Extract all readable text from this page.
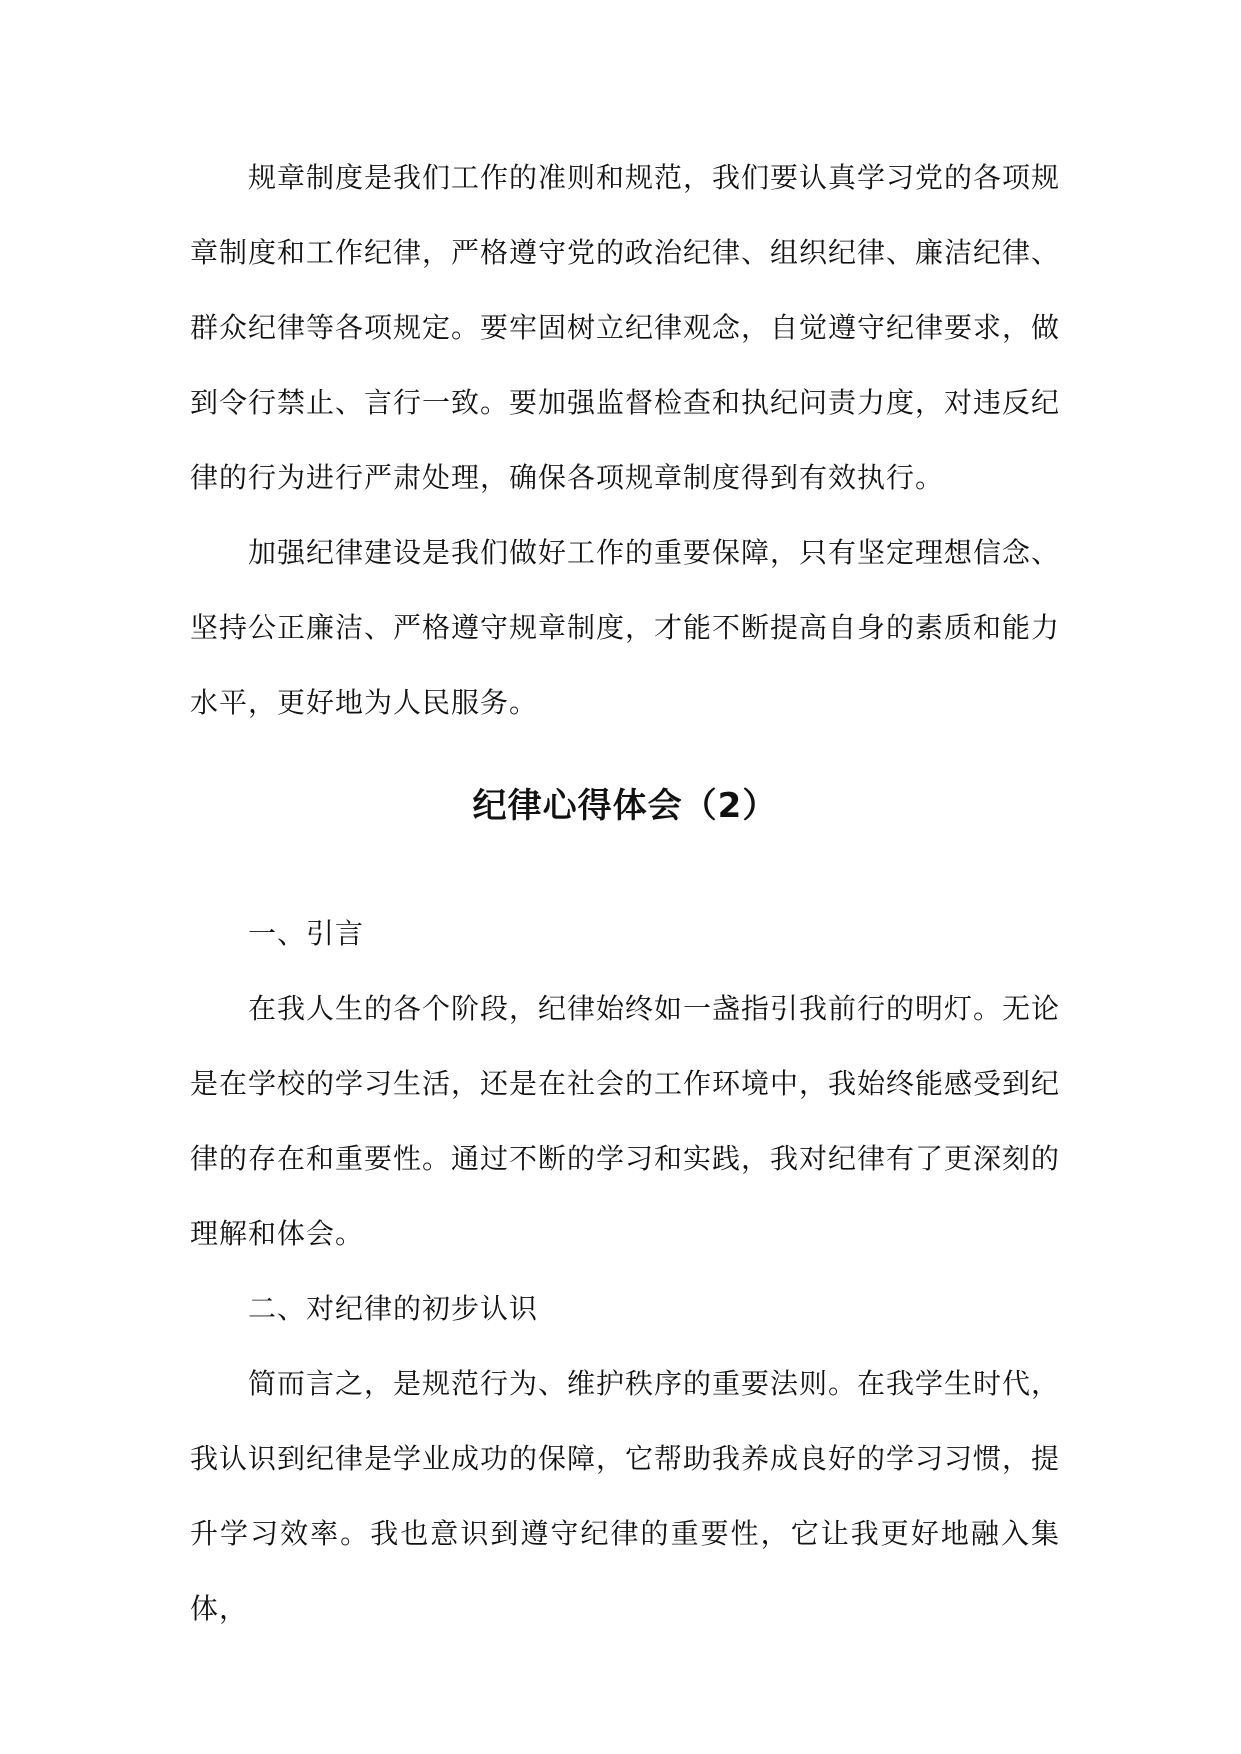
规章制度是我们工作的准则和规范，我们要认真学习党的各项规章制度和工作纪律，严格遵守党的政治纪律、组织纪律、廉洁纪律、群众纪律等各项规定。要牢固树立纪律观念，自觉遵守纪律要求，做到令行禁止、言行一致。要加强监督检查和执纪问责力度，对违反纪律的行为进行严肃处理，确保各项规章制度得到有效执行。

加强纪律建设是我们做好工作的重要保障，只有坚定理想信念、坚持公正廉洁、严格遵守规章制度，才能不断提高自身的素质和能力水平，更好地为人民服务。

纪律心得体会（2）

一、引言

在我人生的各个阶段，纪律始终如一盏指引我前行的明灯。无论是在学校的学习生活，还是在社会的工作环境中，我始终能感受到纪律的存在和重要性。通过不断的学习和实践，我对纪律有了更深刻的理解和体会。

二、对纪律的初步认识

简而言之，是规范行为、维护秩序的重要法则。在我学生时代，我认识到纪律是学业成功的保障，它帮助我养成良好的学习习惯，提升学习效率。我也意识到遵守纪律的重要性，它让我更好地融入集体，
